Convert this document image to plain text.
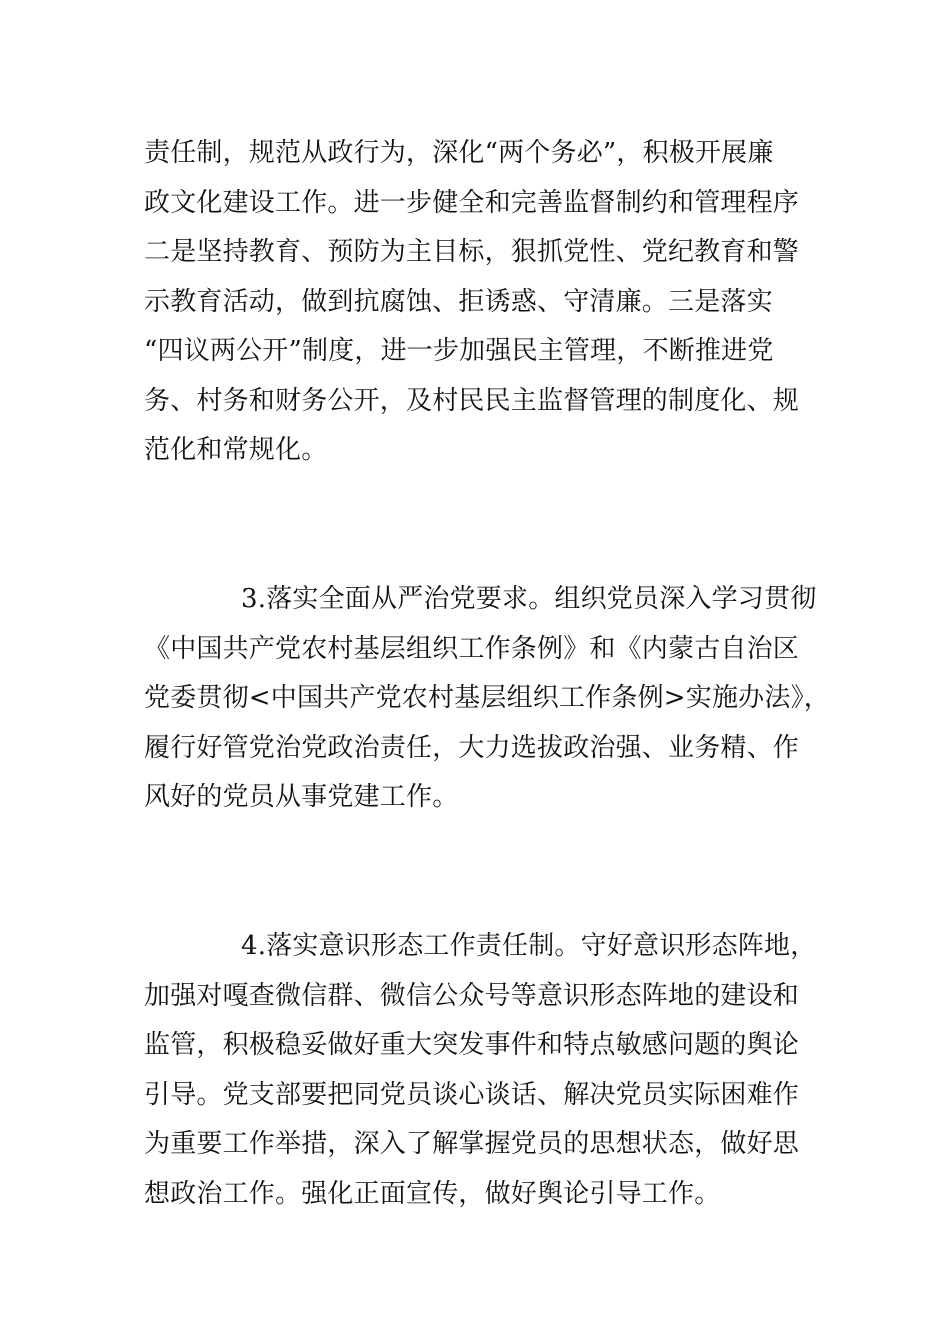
责任制，规范从政行为，深化“两个务必”，积极开展廉
政文化建设工作。进一步健全和完善监督制约和管理程序
二是坚持教育、预防为主目标，狠抓党性、党纪教育和警
示教育活动，做到抗腐蚀、拒诱惑、守清廉。三是落实
“四议两公开”制度，进一步加强民主管理，不断推进党
务、村务和财务公开，及村民民主监督管理的制度化、规
范化和常规化。
3.落实全面从严治党要求。组织党员深入学习贯彻
《中国共产党农村基层组织工作条例》和《内蒙古自治区
党委贯彻<中国共产党农村基层组织工作条例>实施办法》，
履行好管党治党政治责任，大力选拔政治强、业务精、作
风好的党员从事党建工作。
4.落实意识形态工作责任制。守好意识形态阵地，
加强对嘎查微信群、微信公众号等意识形态阵地的建设和
监管，积极稳妥做好重大突发事件和特点敏感问题的舆论
引导。党支部要把同党员谈心谈话、解决党员实际困难作
为重要工作举措，深入了解掌握党员的思想状态，做好思
想政治工作。强化正面宣传，做好舆论引导工作。
